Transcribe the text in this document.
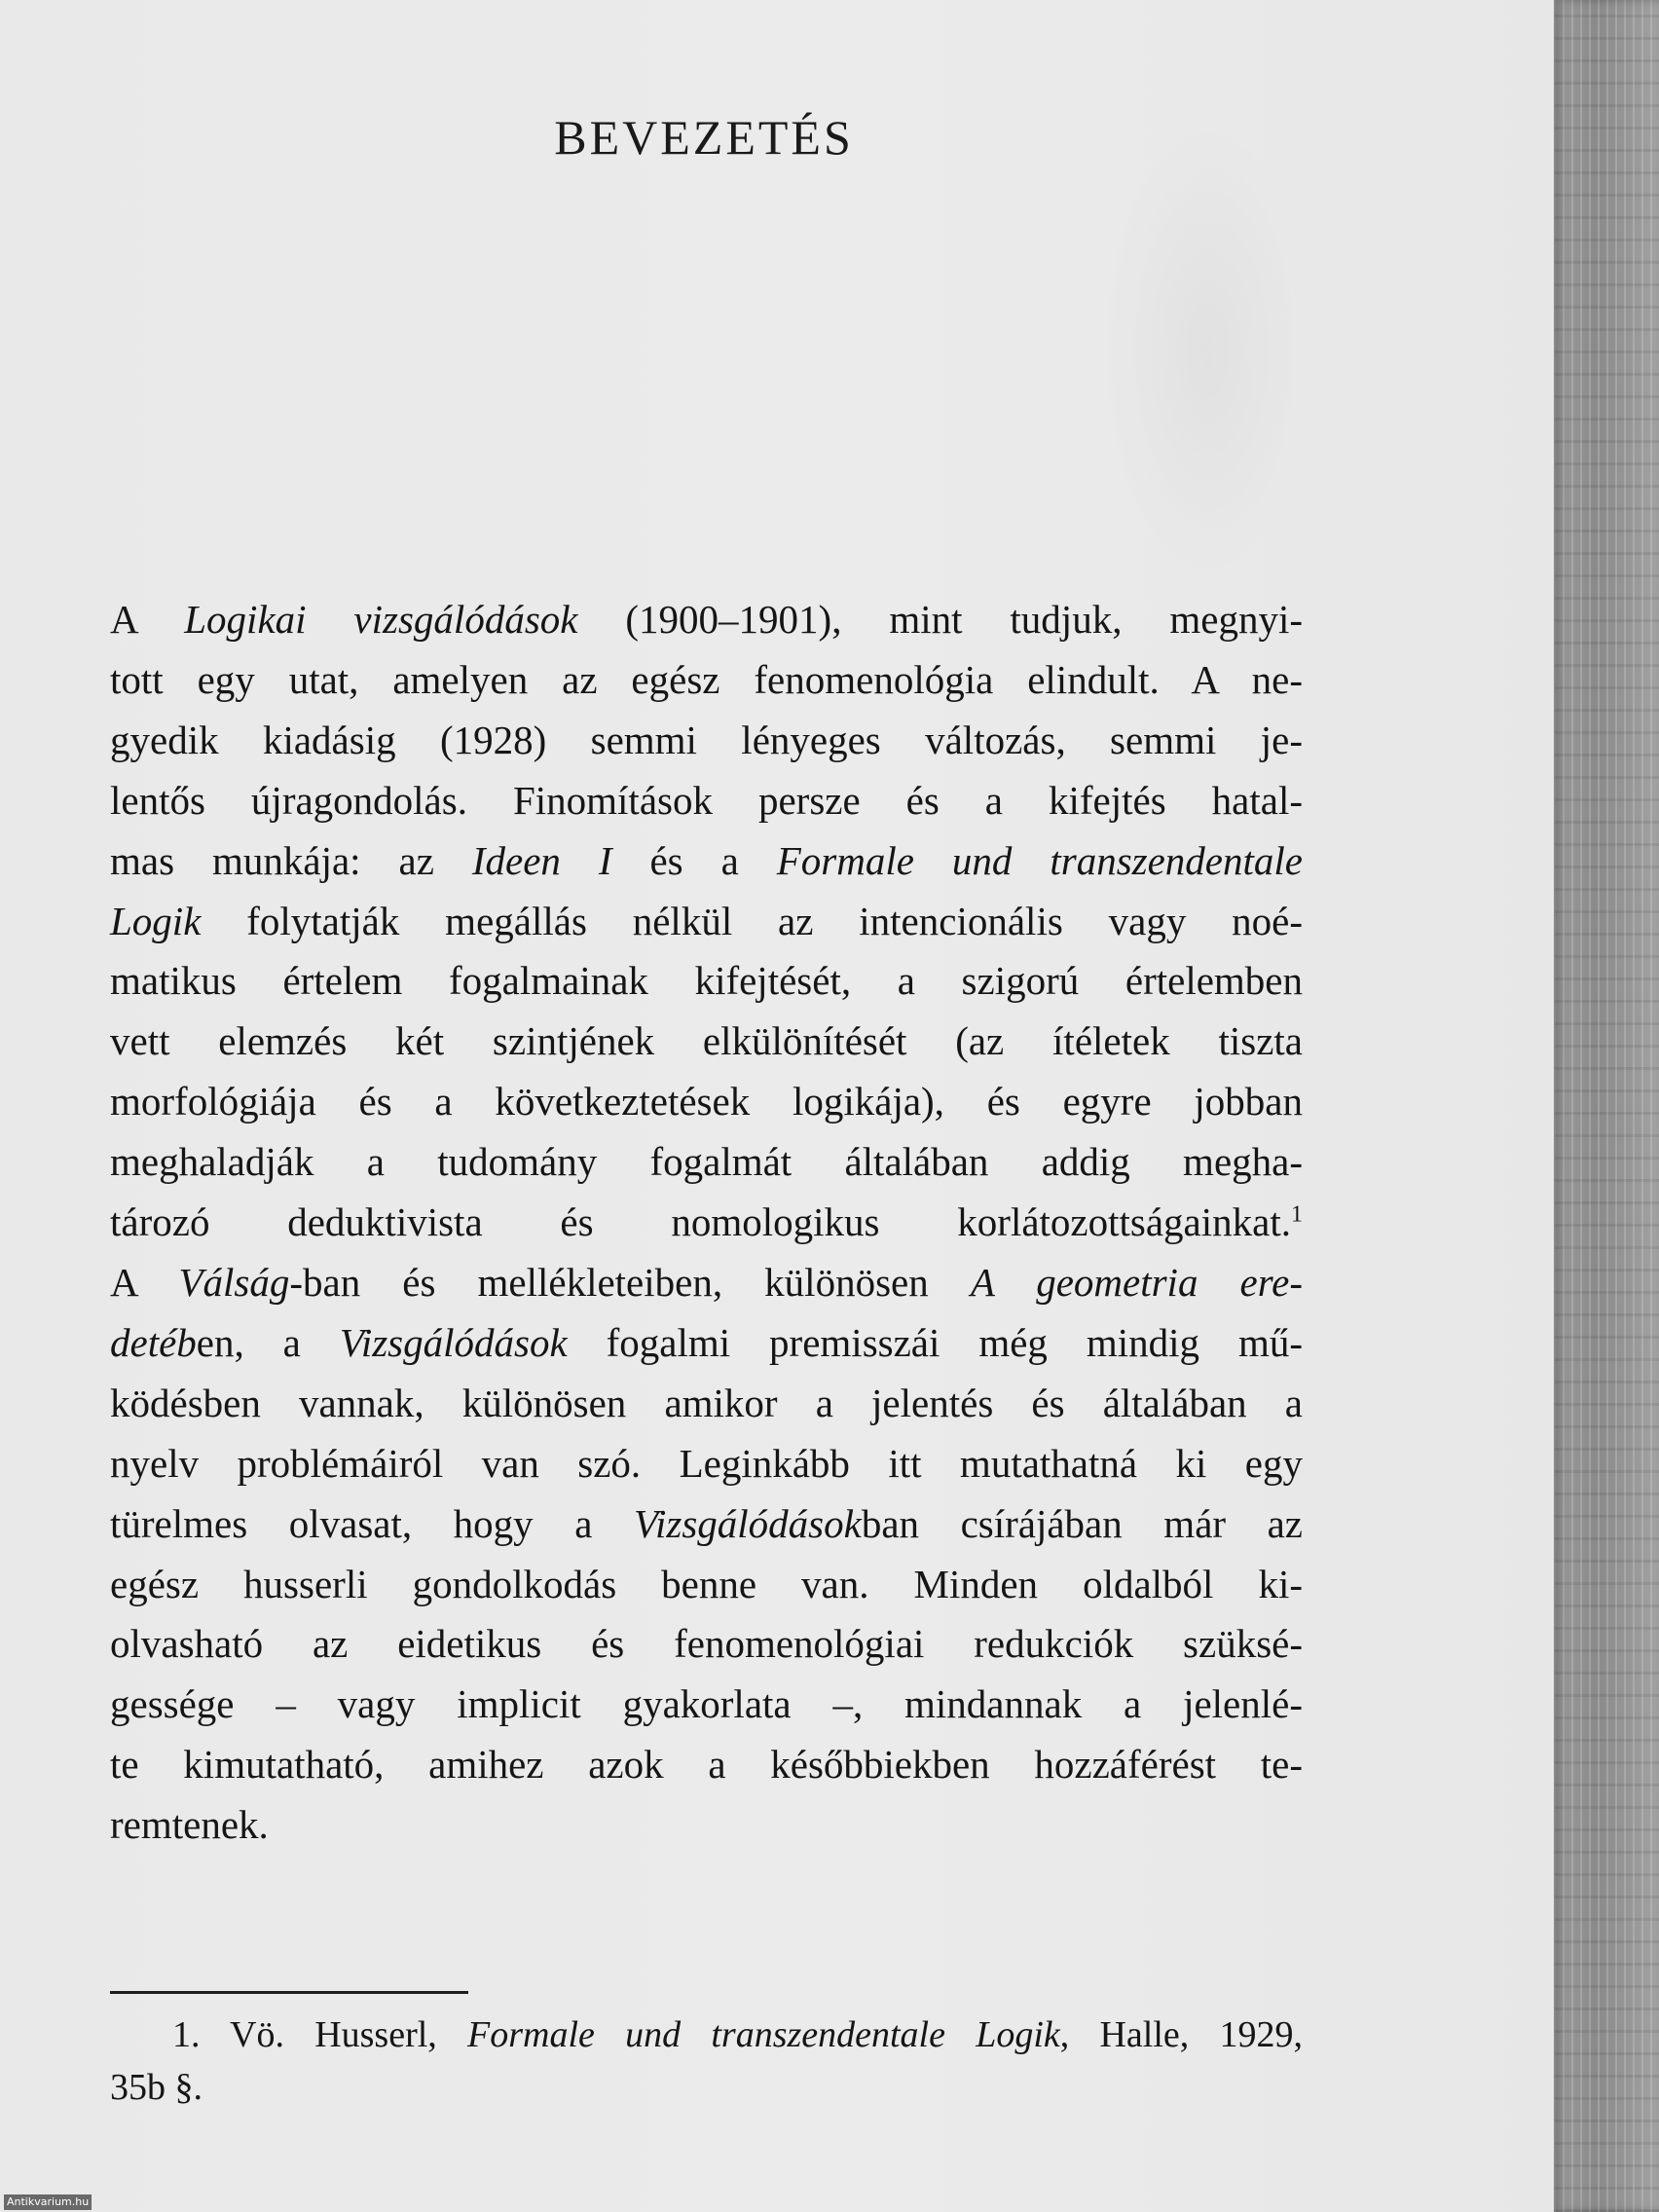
BEVEZETÉS
A Logikai vizsgálódások (1900–1901), mint tudjuk, megnyi-
tott egy utat, amelyen az egész fenomenológia elindult. A ne-
gyedik kiadásig (1928) semmi lényeges változás, semmi je-
lentős újragondolás. Finomítások persze és a kifejtés hatal-
mas munkája: az Ideen I és a Formale und transzendentale
Logik folytatják megállás nélkül az intencionális vagy noé-
matikus értelem fogalmainak kifejtését, a szigorú értelemben
vett elemzés két szintjének elkülönítését (az ítéletek tiszta
morfológiája és a következtetések logikája), és egyre jobban
meghaladják a tudomány fogalmát általában addig megha-
tározó deduktivista és nomologikus korlátozottságainkat.$^1$
A Válság-ban és mellékleteiben, különösen A geometria ere-
detében, a Vizsgálódások fogalmi premisszái még mindig mű-
ködésben vannak, különösen amikor a jelentés és általában a
nyelv problémáiról van szó. Leginkább itt mutathatná ki egy
türelmes olvasat, hogy a Vizsgálódásokban csírájában már az
egész husserli gondolkodás benne van. Minden oldalból ki-
olvasható az eidetikus és fenomenológiai redukciók szüksé-
gessége – vagy implicit gyakorlata –, mindannak a jelenlé-
te kimutatható, amihez azok a későbbiekben hozzáférést te-
remtenek.
1. Vö. Husserl, Formale und transzendentale Logik, Halle, 1929,
35b §.
Antikvarium.hu
